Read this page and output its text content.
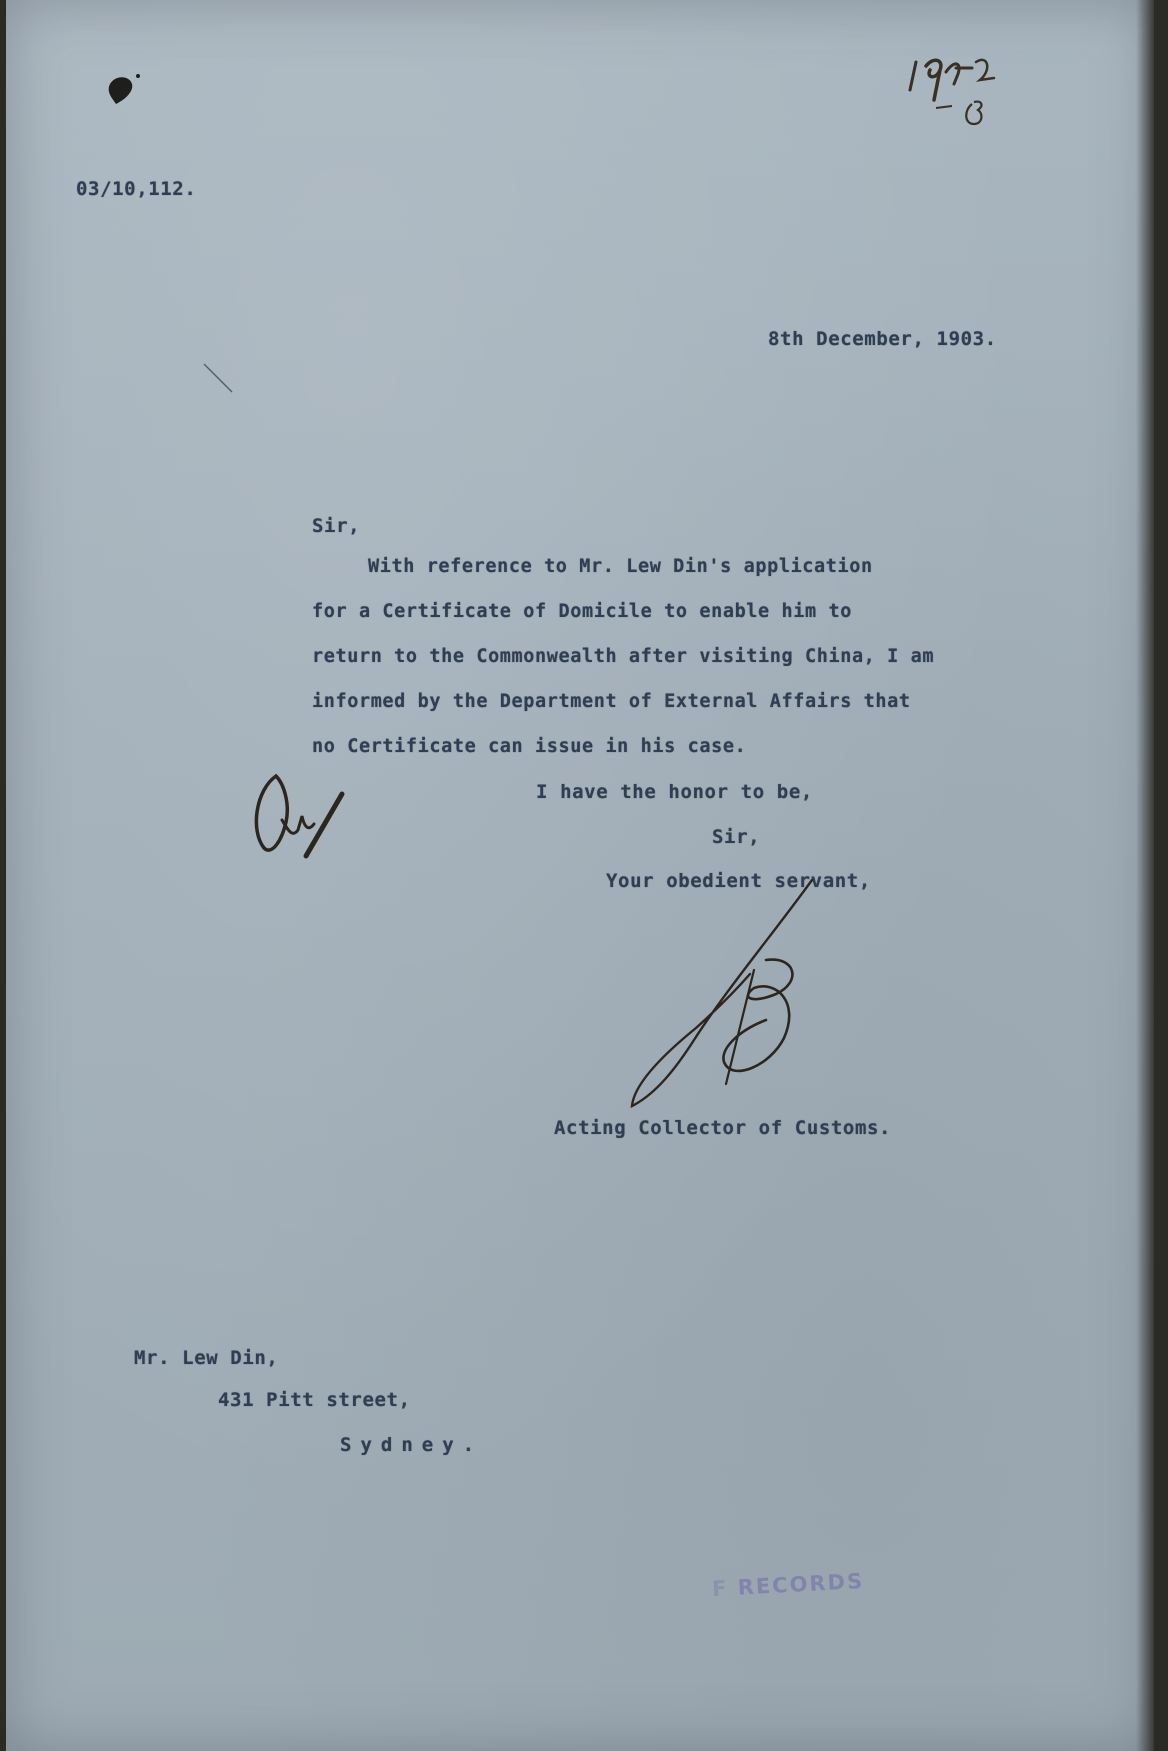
03/10,112.
8th December, 1903.
Sir,
With reference to Mr. Lew Din's application
for a Certificate of Domicile to enable him to
return to the Commonwealth after visiting China, I am
informed by the Department of External Affairs that
no Certificate can issue in his case.
I have the honor to be,
Sir,
Your obedient servant,
Acting Collector of Customs.
Mr. Lew Din,
431 Pitt street,
Sydney.
F RECORDS
